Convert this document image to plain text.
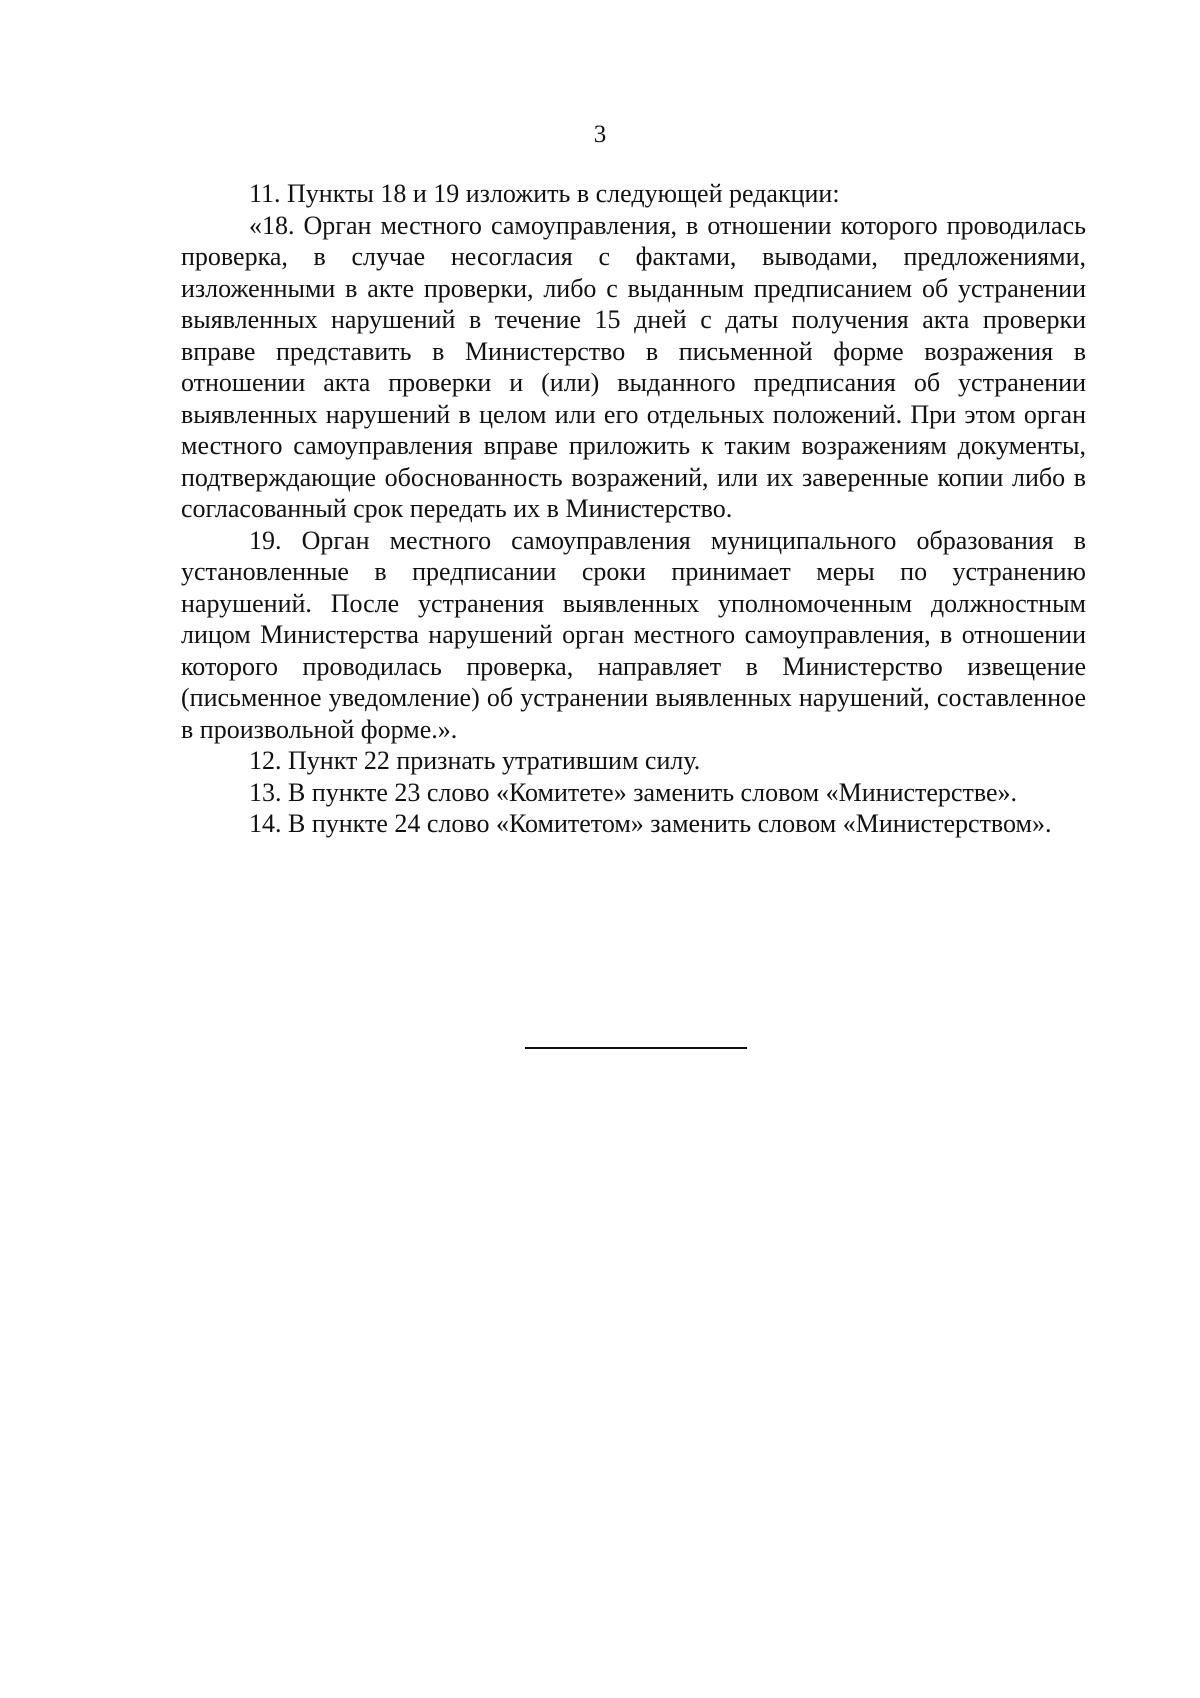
3

11. Пункты 18 и 19 изложить в следующей редакции:

«18. Орган местного самоуправления, в отношении которого проводилась проверка, в случае несогласия с фактами, выводами, предложениями, изложенными в акте проверки, либо с выданным предписанием об устранении выявленных нарушений в течение 15 дней с даты получения акта проверки вправе представить в Министерство в письменной форме возражения в отношении акта проверки и (или) выданного предписания об устранении выявленных нарушений в целом или его отдельных положений. При этом орган местного самоуправления вправе приложить к таким возражениям документы, подтверждающие обоснованность возражений, или их заверенные копии либо в согласованный срок передать их в Министерство.

19. Орган местного самоуправления муниципального образования в установленные в предписании сроки принимает меры по устранению нарушений. После устранения выявленных уполномоченным должностным лицом Министерства нарушений орган местного самоуправления, в отношении которого проводилась проверка, направляет в Министерство извещение (письменное уведомление) об устранении выявленных нарушений, составленное в произвольной форме.».

12. Пункт 22 признать утратившим силу.

13. В пункте 23 слово «Комитете» заменить словом «Министерстве».

14. В пункте 24 слово «Комитетом» заменить словом «Министерством».
